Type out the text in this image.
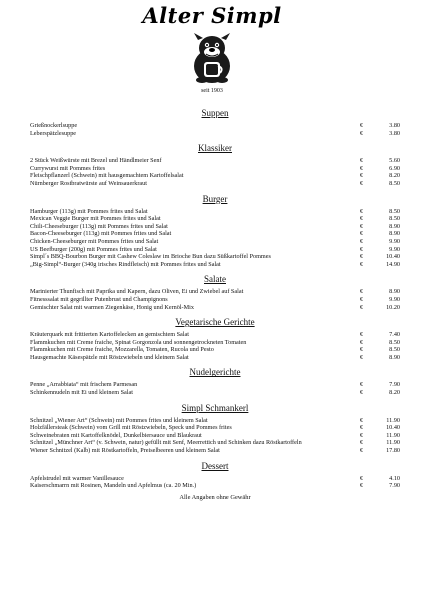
Alter Simpl
seit 1903
Suppen
Grießnockerlsuppe	€	3.80
Leberspätzlesuppe	€	3.80
Klassiker
2 Stück Weißwürste mit Brezel und Händlmeier Senf	€	5.60
Currywurst mit Pommes frites	€	6.90
Fleischpflanzerl (Schwein) mit hausgemachtem Kartoffelsalat	€	8.20
Nürnberger Rostbratwürste auf Weinsauerkraut	€	8.50
Burger
Hamburger (113g) mit Pommes frites und Salat	€	8.50
Mexican Veggie Burger mit Pommes frites und Salat	€	8.50
Chili-Cheeseburger (113g) mit Pommes frites und Salat	€	8.90
Bacon-Cheeseburger (113g) mit Pommes frites und Salat	€	8.90
Chicken-Cheeseburger mit Pommes frites und Salat	€	9.90
US Beefburger (200g) mit Pommes frites und Salat	€	9.90
Simpl´s BBQ-Bourbon Burger mit Cashew Coleslaw im Brioche Bun dazu Süßkartoffel Pommes	€	10.40
„Big-Simpl“-Burger (340g irisches Rindfleisch) mit Pommes frites und Salat	€	14.90
Salate
Marinierter Thunfisch mit Paprika und Kapern, dazu Oliven, Ei und Zwiebel auf Salat	€	8.90
Fitnesssalat mit gegrillter Putenbrust und Champignons	€	9.90
Gemischter Salat mit warmen Ziegenkäse, Honig und Kernöl-Mix	€	10.20
Vegetarische Gerichte
Kräuterquark mit frittierten Kartoffelecken an gemischtem Salat	€	7.40
Flammkuchen mit Creme fraiche, Spinat Gorgonzola und sonnengetrockneten Tomaten	€	8.50
Flammkuchen mit Creme fraiche, Mozzarella, Tomaten, Rucola und Pesto	€	8.50
Hausgemachte Käsespätzle mit Röstzwiebeln und kleinem Salat	€	8.90
Nudelgerichte
Penne „Arrabbiata“ mit frischem Parmesan	€	7.90
Schinkennudeln mit Ei und kleinem Salat	€	8.20
Simpl Schmankerl
Schnitzel „Wiener Art“ (Schwein) mit Pommes frites und kleinem Salat	€	11.90
Holzfällersteak (Schwein) vom Grill mit Röstzwiebeln, Speck und Pommes frites	€	10.40
Schweinebraten mit Kartoffelknödel, Dunkelbiersauce und Blaukraut	€	11.90
Schnitzel „Münchner Art“ (v. Schwein, natur) gefüllt mit Senf, Meerrettich und Schinken dazu Röstkartoffeln	€	11.90
Wiener Schnitzel (Kalb) mit Röstkartoffeln, Preiselbeeren und kleinem Salat	€	17.80
Dessert
Apfelstrudel mit warmer Vanillesauce	€	4.10
Kaiserschmarrn mit Rosinen, Mandeln und Apfelmus (ca. 20 Min.)	€	7.90
Alle Angaben ohne Gewähr
